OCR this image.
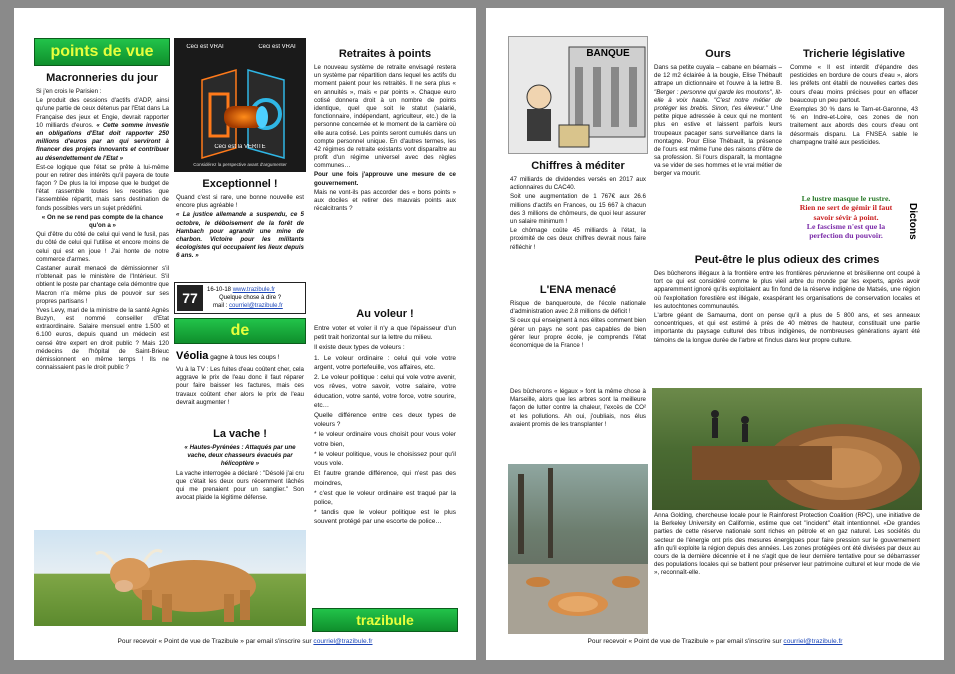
points de vue
Macronneries du jour

Si j'en crois le Parisien :

Le produit des cessions d'actifs d'ADP, ainsi qu'une partie de ceux détenus par l'Etat dans La Française des jeux et Engie, devrait rapporter 10 milliards d'euros. « Cette somme investie en obligations d'Etat doit rapporter 250 millions d'euros par an qui serviront à financer des projets innovants et contribuer au désendettement de l'Etat »

Est-ce logique que l'état se prête à lui-même pour en retirer des intérêts qu'il payera de toute façon ? De plus la loi impose que le budget de l'état rassemble toutes les recettes que l'assemblée répartit, mais sans destination de fonds possibles vers un sujet prédéfini.

« On ne se rend pas compte de la chance qu'on a »

Qui d'être du côté de celui qui vend le fusil, pas du côté de celui qui l'utilise et encore moins de celui qui est en joue ! J'ai honte de notre commerce d'armes.

Castaner aurait menacé de démissionner s'il n'obtenait pas le ministère de l'Intérieur. S'il obtient le poste par chantage cela démontre que Macron n'a même plus de pouvoir sur ses propres partisans !

Yves Levy, mari de la ministre de la santé Agnès Buzyn, est nommé conseiller d'Etat extraordinaire. Salaire mensuel entre 1.500 et 6.100 euros, depuis quand un médecin est censé être expert en droit public ? Mais 120 médecins de l'hôpital de Saint-Brieuc démissionnent en même temps ! Ils ne connaissaient pas le droit public ?

Ceci est VRAI	Ceci est VRAI
Ceci est la VÉRITÉ
Considérez la perspective avant d'argumenter
Exceptionnel !

Quand c'est si rare, une bonne nouvelle est encore plus agréable !

« La justice allemande a suspendu, ce 5 octobre, le déboisement de la forêt de Hambach pour agrandir une mine de charbon. Victoire pour les militants écologistes qui occupaient les lieux depuis 6 ans. »

77	16-10-18 www.trazibule.fr
Quelque chose à dire ?
mail : courriel@trazibule.fr
de
Véolia gagne à tous les coups !
Vu à la TV : Les fuites d'eau coûtent cher, cela aggrave le prix de l'eau donc il faut réparer pour faire baisser les factures, mais ces travaux coûtent cher alors le prix de l'eau devrait augmenter !
La vache !

« Hautes-Pyrénées : Attaqués par une vache, deux chasseurs évacués par hélicoptère »

La vache interrogée a déclaré : "Désolé j'ai cru que c'était les deux ours récemment lâchés qui me prenaient pour un sanglier." Son avocat plaide la légitime défense.

Retraites à points

Le nouveau système de retraite envisagé restera un système par répartition dans lequel les actifs du moment paient pour les retraités. Il ne sera plus « en annuités », mais « par points ». Chaque euro cotisé donnera droit à un nombre de points identique, quel que soit le statut (salarié, fonctionnaire, indépendant, agriculteur, etc.) de la personne concernée et le moment de la carrière où elle aura cotisé. Les points seront cumulés dans un compte personnel unique. En d'autres termes, les 42 régimes de retraite existants vont disparaître au profit d'un régime universel avec des règles communes…

Pour une fois j'approuve une mesure de ce gouvernement.

Mais ne vont-ils pas accorder des « bons points » aux dociles et retirer des mauvais points aux récalcitrants ?

Au voleur !

Entre voter et voler il n'y a que l'épaisseur d'un petit trait horizontal sur la lettre du milieu.

Il existe deux types de voleurs :

1. Le voleur ordinaire : celui qui vole votre argent, votre portefeuille, vos affaires, etc.

2. Le voleur politique : celui qui vole votre avenir, vos rêves, votre savoir, votre salaire, votre éducation, votre santé, votre force, votre sourire, etc…

Quelle différence entre ces deux types de voleurs ?

* le voleur ordinaire vous choisit pour vous voler votre bien,

* le voleur politique, vous le choisissez pour qu'il vous vole.

Et l'autre grande différence, qui n'est pas des moindres,

* c'est que le voleur ordinaire est traqué par la police,

* tandis que le voleur politique est le plus souvent protégé par une escorte de police…

trazibule
Pour recevoir « Point de vue de Trazibule » par email s'inscrire sur courriel@trazibule.fr
BANQUE
Chiffres à méditer

47 milliards de dividendes versés en 2017 aux actionnaires du CAC40.

Soit une augmentation de 1 767€ aux 26.6 millions d'actifs en Frances, ou 15 667 à chacun des 3 millions de chômeurs, de quoi leur assurer un salaire minimum !

Le chômage coûte 45 milliards à l'état, la proximité de ces deux chiffres devrait nous faire réfléchir !

L'ENA menacé

Risque de banqueroute, de l'école nationale d'administration avec 2.8 millions de déficit !

Si ceux qui enseignent à nos élites comment bien gérer un pays ne sont pas capables de bien gérer leur propre école, je comprends l'état économique de la France !

Des bûcherons « légaux » font la même chose à Marseille, alors que les arbres sont la meilleure façon de lutter contre la chaleur, l'excès de CO² et les pollutions. Ah oui, j'oubliais, nos élus avaient promis de les transplanter !
Ours

Dans sa petite cuyala – cabane en béarnais – de 12 m2 éclairée à la bougie, Elise Thébault attrape un dictionnaire et l'ouvre à la lettre B. "Berger : personne qui garde les moutons", lit-elle à voix haute. "C'est notre métier de protéger les brebis. Sinon, t'es éleveur." Une petite pique adressée à ceux qui ne montent plus en estive et laissent parfois leurs troupeaux pacager sans surveillance dans la montagne. Pour Elise Thébault, la présence de l'ours est même l'une des raisons d'être de sa profession. Si l'ours disparaît, la montagne va se vider de ses hommes et le vrai métier de berger va mourir.

Tricherie législative

Comme « Il est interdit d'épandre des pesticides en bordure de cours d'eau », alors les préfets ont établi de nouvelles cartes des cours d'eau moins précises pour en effacer beaucoup un peu partout.

Exemples 30 % dans le Tarn-et-Garonne, 43 % en Indre-et-Loire, ces zones de non traitement aux abords des cours d'eau ont désormais disparu. La FNSEA sable le champagne traité aux pesticides.

Le lustre masque le rustre.
Rien ne sert de gémir il faut savoir sévir à point.
Le fascisme n'est que la perfection du pouvoir.	Dictons
Peut-être le plus odieux des crimes

Des bûcherons illégaux à la frontière entre les frontières péruvienne et brésilienne ont coupé à tort ce qui est considéré comme le plus vieil arbre du monde par les experts, après avoir apparemment ignoré qu'ils exploitaient au fin fond de la réserve indigène de Matsés, une région où l'exploitation forestière est illégale, exaspérant les organisations de conservation locales et les autochtones communautés.

L'arbre géant de Samauma, dont on pense qu'il a plus de 5 800 ans, et ses anneaux concentriques, et qui est estimé à près de 40 mètres de hauteur, constituait une partie importante du paysage culturel des tribus indigènes, de nombreuses générations ayant été témoins de la longue durée de l'arbre et l'inclus dans leur propre culture.

Anna Golding, chercheuse locale pour le Rainforest Protection Coalition (RPC), une initiative de la Berkeley University en Californie, estime que cet "incident" était intentionnel. «De grandes parties de cette réserve nationale sont riches en pétrole et en gaz naturel. Les sociétés du secteur de l'énergie ont pris des mesures énergiques pour faire pression sur le gouvernement afin qu'il exploite la région depuis des années. Les zones protégées ont été divisées par deux au cours de la dernière décennie et il ne s'agit que de leur dernière tentative pour se débarrasser des populations locales qui se battent pour préserver leur patrimoine culturel et leur mode de vie », reconnaît-elle.
Pour recevoir « Point de vue de Trazibule » par email s'inscrire sur courriel@trazibule.fr
